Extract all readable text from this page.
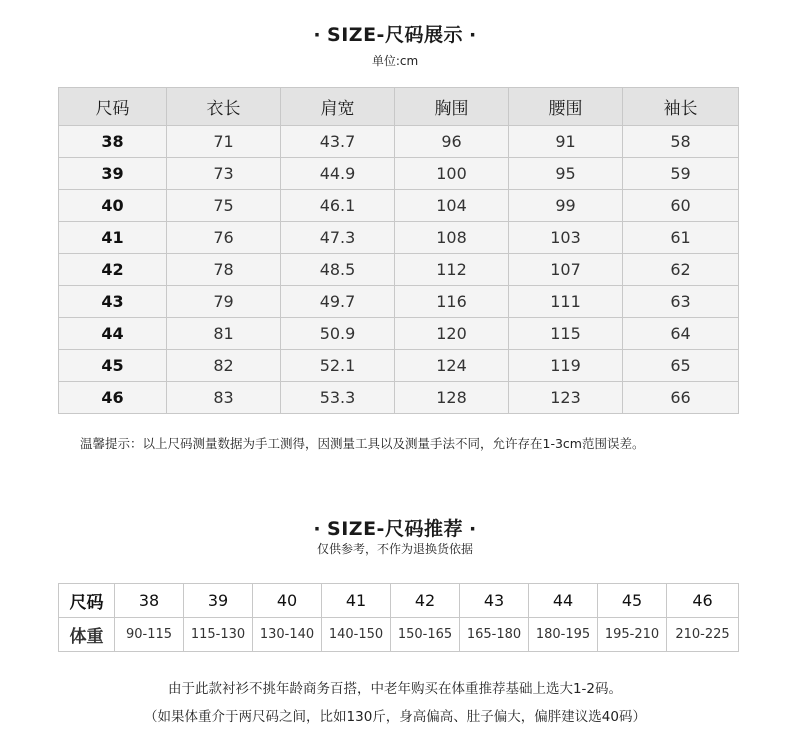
· SIZE-尺码展示 ·
单位:cm
尺码	衣长	肩宽	胸围	腰围	袖长
38	71	43.7	96	91	58
39	73	44.9	100	95	59
40	75	46.1	104	99	60
41	76	47.3	108	103	61
42	78	48.5	112	107	62
43	79	49.7	116	111	63
44	81	50.9	120	115	64
45	82	52.1	124	119	65
46	83	53.3	128	123	66
温馨提示：以上尺码测量数据为手工测得，因测量工具以及测量手法不同，允许存在1-3cm范围误差。
· SIZE-尺码推荐 ·
仅供参考，不作为退换货依据
尺码	38	39	40	41	42	43	44	45	46
体重	90-115	115-130	130-140	140-150	150-165	165-180	180-195	195-210	210-225
由于此款衬衫不挑年龄商务百搭，中老年购买在体重推荐基础上选大1-2码。
（如果体重介于两尺码之间，比如130斤，身高偏高、肚子偏大，偏胖建议选40码）
